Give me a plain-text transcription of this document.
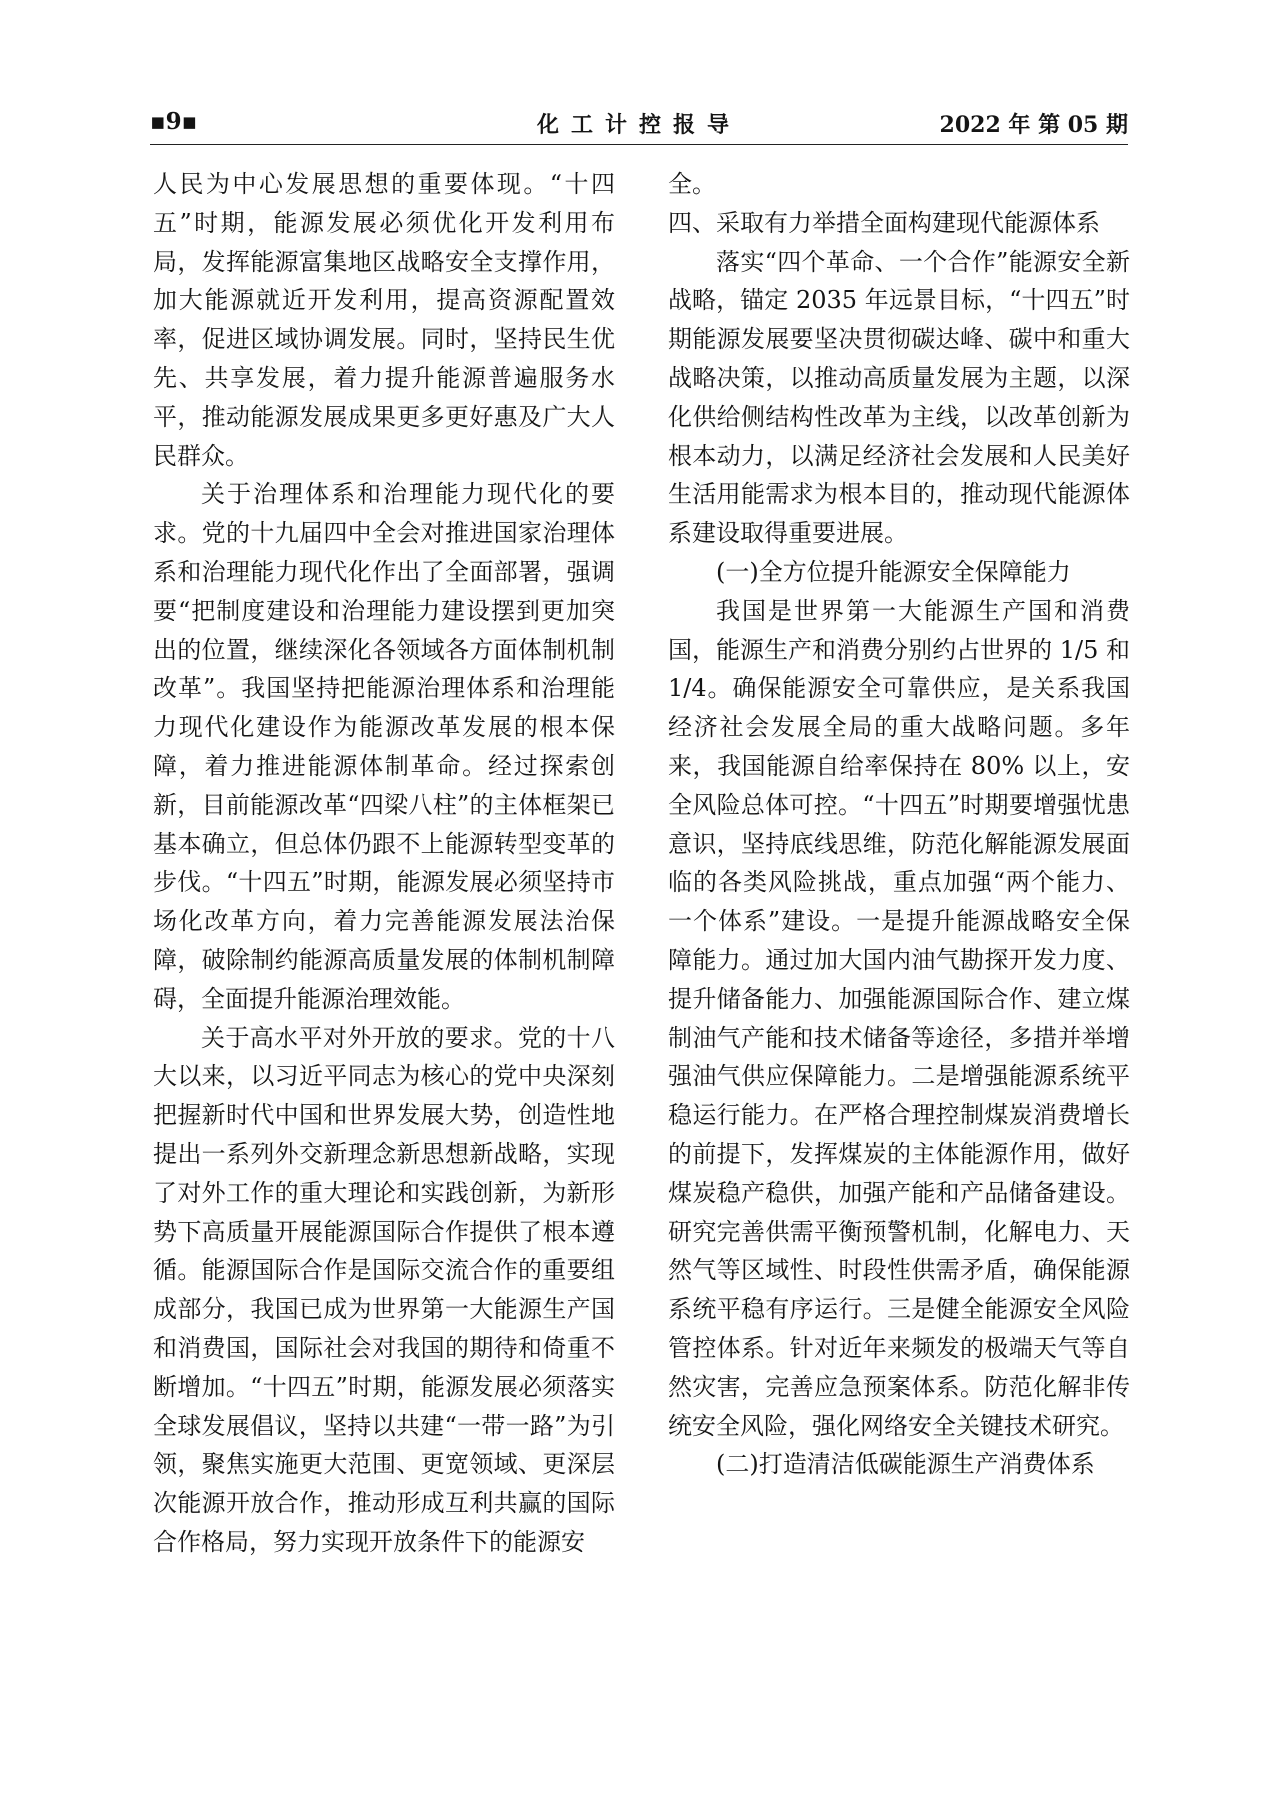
▪9▪	化工计控报导	2022 年 第 05 期

人民为中心发展思想的重要体现。“十四五”时期，能源发展必须优化开发利用布局，发挥能源富集地区战略安全支撑作用，加大能源就近开发利用，提高资源配置效率，促进区域协调发展。同时，坚持民生优先、共享发展，着力提升能源普遍服务水平，推动能源发展成果更多更好惠及广大人民群众。

关于治理体系和治理能力现代化的要求。党的十九届四中全会对推进国家治理体系和治理能力现代化作出了全面部署，强调要“把制度建设和治理能力建设摆到更加突出的位置，继续深化各领域各方面体制机制改革”。我国坚持把能源治理体系和治理能力现代化建设作为能源改革发展的根本保障，着力推进能源体制革命。经过探索创新，目前能源改革“四梁八柱”的主体框架已基本确立，但总体仍跟不上能源转型变革的步伐。“十四五”时期，能源发展必须坚持市场化改革方向，着力完善能源发展法治保障，破除制约能源高质量发展的体制机制障碍，全面提升能源治理效能。

关于高水平对外开放的要求。党的十八大以来，以习近平同志为核心的党中央深刻把握新时代中国和世界发展大势，创造性地提出一系列外交新理念新思想新战略，实现了对外工作的重大理论和实践创新，为新形势下高质量开展能源国际合作提供了根本遵循。能源国际合作是国际交流合作的重要组成部分，我国已成为世界第一大能源生产国和消费国，国际社会对我国的期待和倚重不断增加。“十四五”时期，能源发展必须落实全球发展倡议，坚持以共建“一带一路”为引领，聚焦实施更大范围、更宽领域、更深层次能源开放合作，推动形成互利共赢的国际合作格局，努力实现开放条件下的能源安

全。

四、采取有力举措全面构建现代能源体系

落实“四个革命、一个合作”能源安全新战略，锚定 2035 年远景目标，“十四五”时期能源发展要坚决贯彻碳达峰、碳中和重大战略决策，以推动高质量发展为主题，以深化供给侧结构性改革为主线，以改革创新为根本动力，以满足经济社会发展和人民美好生活用能需求为根本目的，推动现代能源体系建设取得重要进展。

(一)全方位提升能源安全保障能力

我国是世界第一大能源生产国和消费国，能源生产和消费分别约占世界的 1/5 和 1/4。确保能源安全可靠供应，是关系我国经济社会发展全局的重大战略问题。多年来，我国能源自给率保持在 80% 以上，安全风险总体可控。“十四五”时期要增强忧患意识，坚持底线思维，防范化解能源发展面临的各类风险挑战，重点加强“两个能力、一个体系”建设。一是提升能源战略安全保障能力。通过加大国内油气勘探开发力度、提升储备能力、加强能源国际合作、建立煤制油气产能和技术储备等途径，多措并举增强油气供应保障能力。二是增强能源系统平稳运行能力。在严格合理控制煤炭消费增长的前提下，发挥煤炭的主体能源作用，做好煤炭稳产稳供，加强产能和产品储备建设。研究完善供需平衡预警机制，化解电力、天然气等区域性、时段性供需矛盾，确保能源系统平稳有序运行。三是健全能源安全风险管控体系。针对近年来频发的极端天气等自然灾害，完善应急预案体系。防范化解非传统安全风险，强化网络安全关键技术研究。

(二)打造清洁低碳能源生产消费体系
